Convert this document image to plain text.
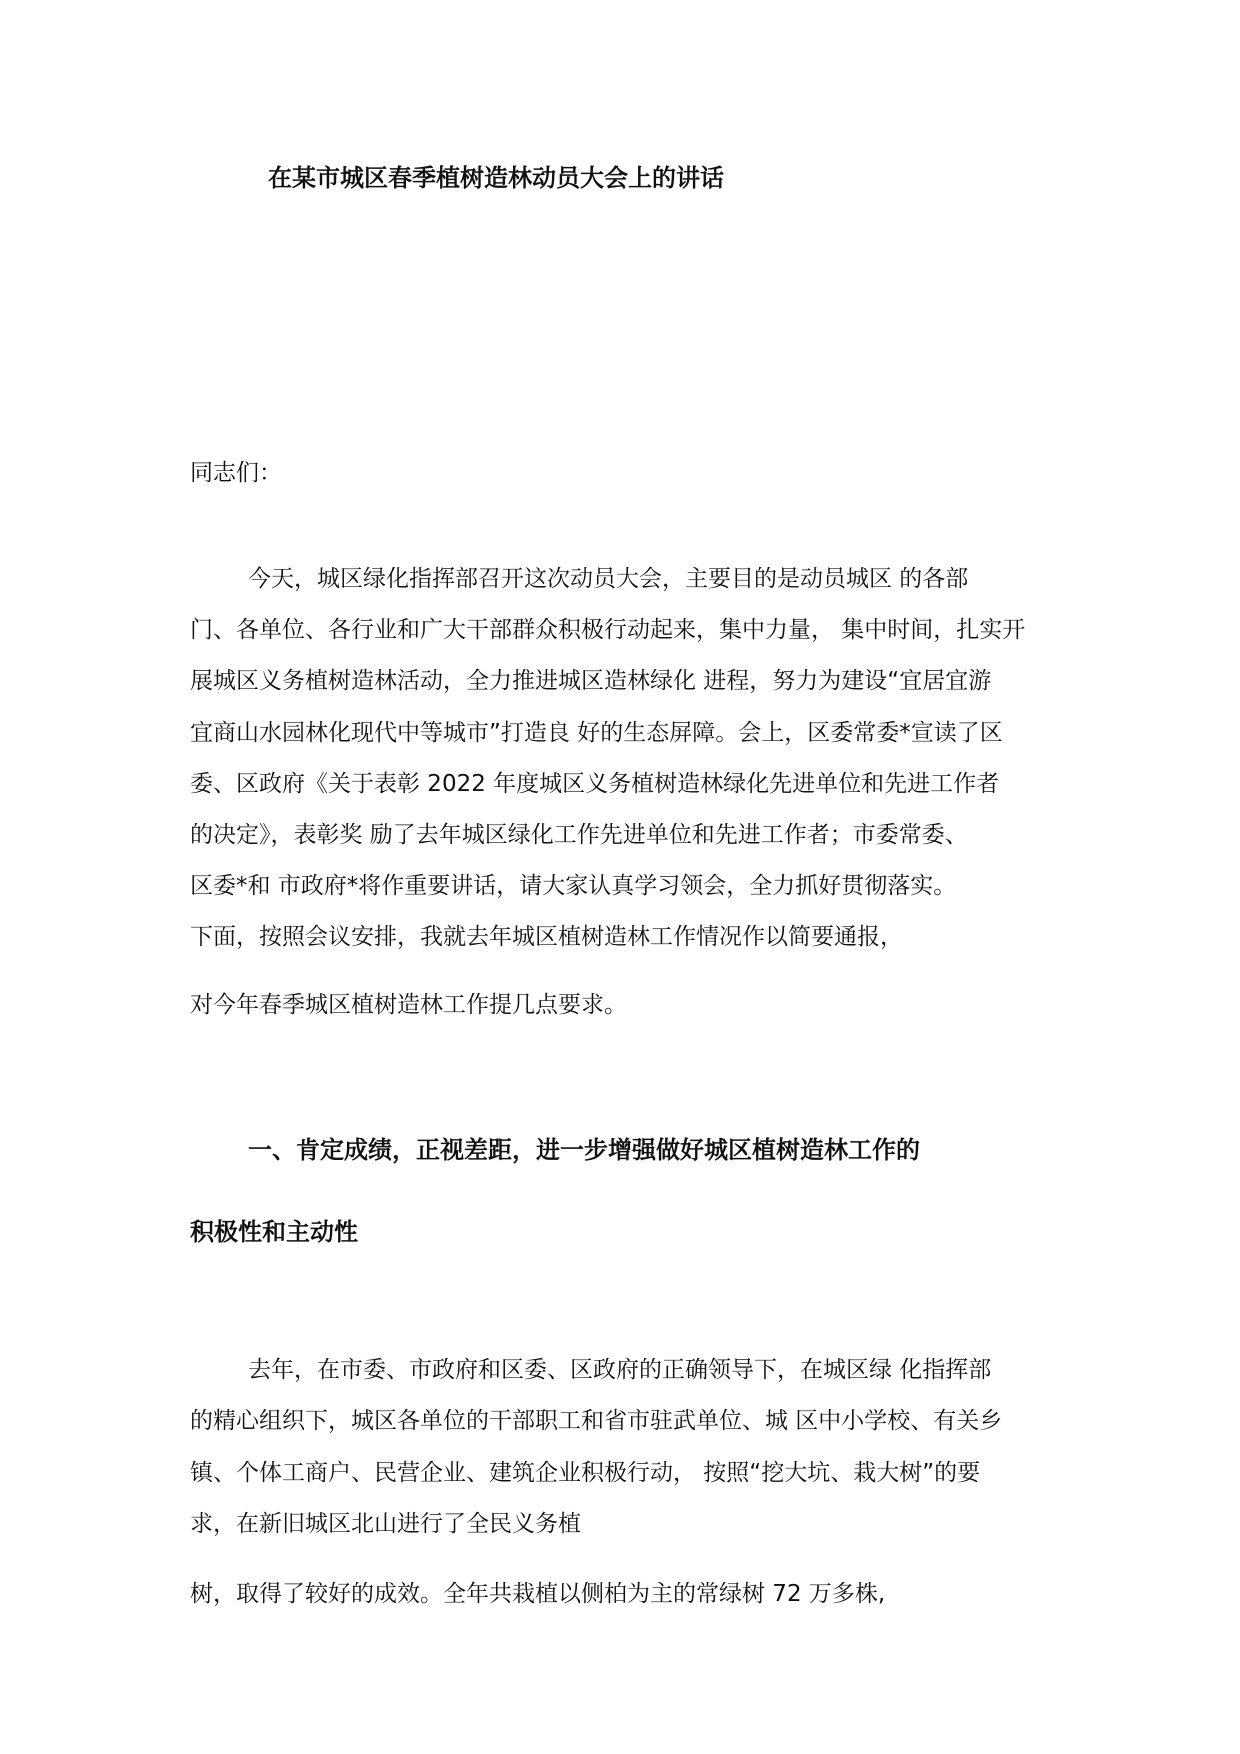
在某市城区春季植树造林动员大会上的讲话
同志们：
今天，城区绿化指挥部召开这次动员大会，主要目的是动员城区 的各部
门、各单位、各行业和广大干部群众积极行动起来，集中力量， 集中时间，扎实开
展城区义务植树造林活动，全力推进城区造林绿化 进程，努力为建设“宜居宜游
宜商山水园林化现代中等城市”打造良 好的生态屏障。会上，区委常委*宣读了区
委、区政府《关于表彰 2022 年度城区义务植树造林绿化先进单位和先进工作者
的决定》，表彰奖 励了去年城区绿化工作先进单位和先进工作者；市委常委、
区委*和 市政府*将作重要讲话，请大家认真学习领会，全力抓好贯彻落实。
下面，按照会议安排，我就去年城区植树造林工作情况作以简要通报，
对今年春季城区植树造林工作提几点要求。
一、肯定成绩，正视差距，进一步增强做好城区植树造林工作的
积极性和主动性
去年，在市委、市政府和区委、区政府的正确领导下，在城区绿 化指挥部
的精心组织下，城区各单位的干部职工和省市驻武单位、城 区中小学校、有关乡
镇、个体工商户、民营企业、建筑企业积极行动， 按照“挖大坑、栽大树”的要
求，在新旧城区北山进行了全民义务植
树，取得了较好的成效。全年共栽植以侧柏为主的常绿树 72 万多株,
